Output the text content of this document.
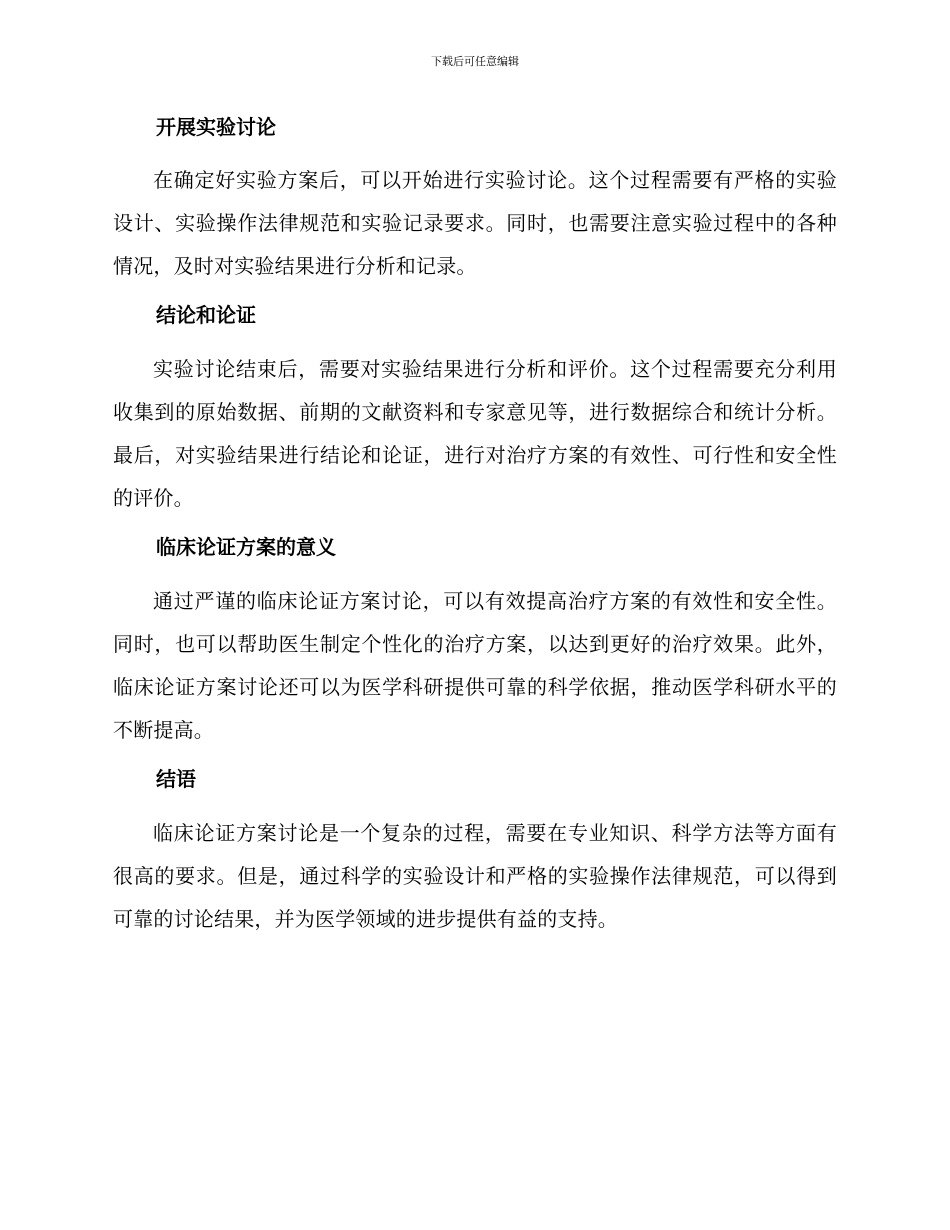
下载后可任意编辑
开展实验讨论

在确定好实验方案后，可以开始进行实验讨论。这个过程需要有严格的实验设计、实验操作法律规范和实验记录要求。同时，也需要注意实验过程中的各种情况，及时对实验结果进行分析和记录。

结论和论证

实验讨论结束后，需要对实验结果进行分析和评价。这个过程需要充分利用收集到的原始数据、前期的文献资料和专家意见等，进行数据综合和统计分析。最后，对实验结果进行结论和论证，进行对治疗方案的有效性、可行性和安全性的评价。

临床论证方案的意义

通过严谨的临床论证方案讨论，可以有效提高治疗方案的有效性和安全性。同时，也可以帮助医生制定个性化的治疗方案，以达到更好的治疗效果。此外，临床论证方案讨论还可以为医学科研提供可靠的科学依据，推动医学科研水平的不断提高。

结语

临床论证方案讨论是一个复杂的过程，需要在专业知识、科学方法等方面有很高的要求。但是，通过科学的实验设计和严格的实验操作法律规范，可以得到可靠的讨论结果，并为医学领域的进步提供有益的支持。
